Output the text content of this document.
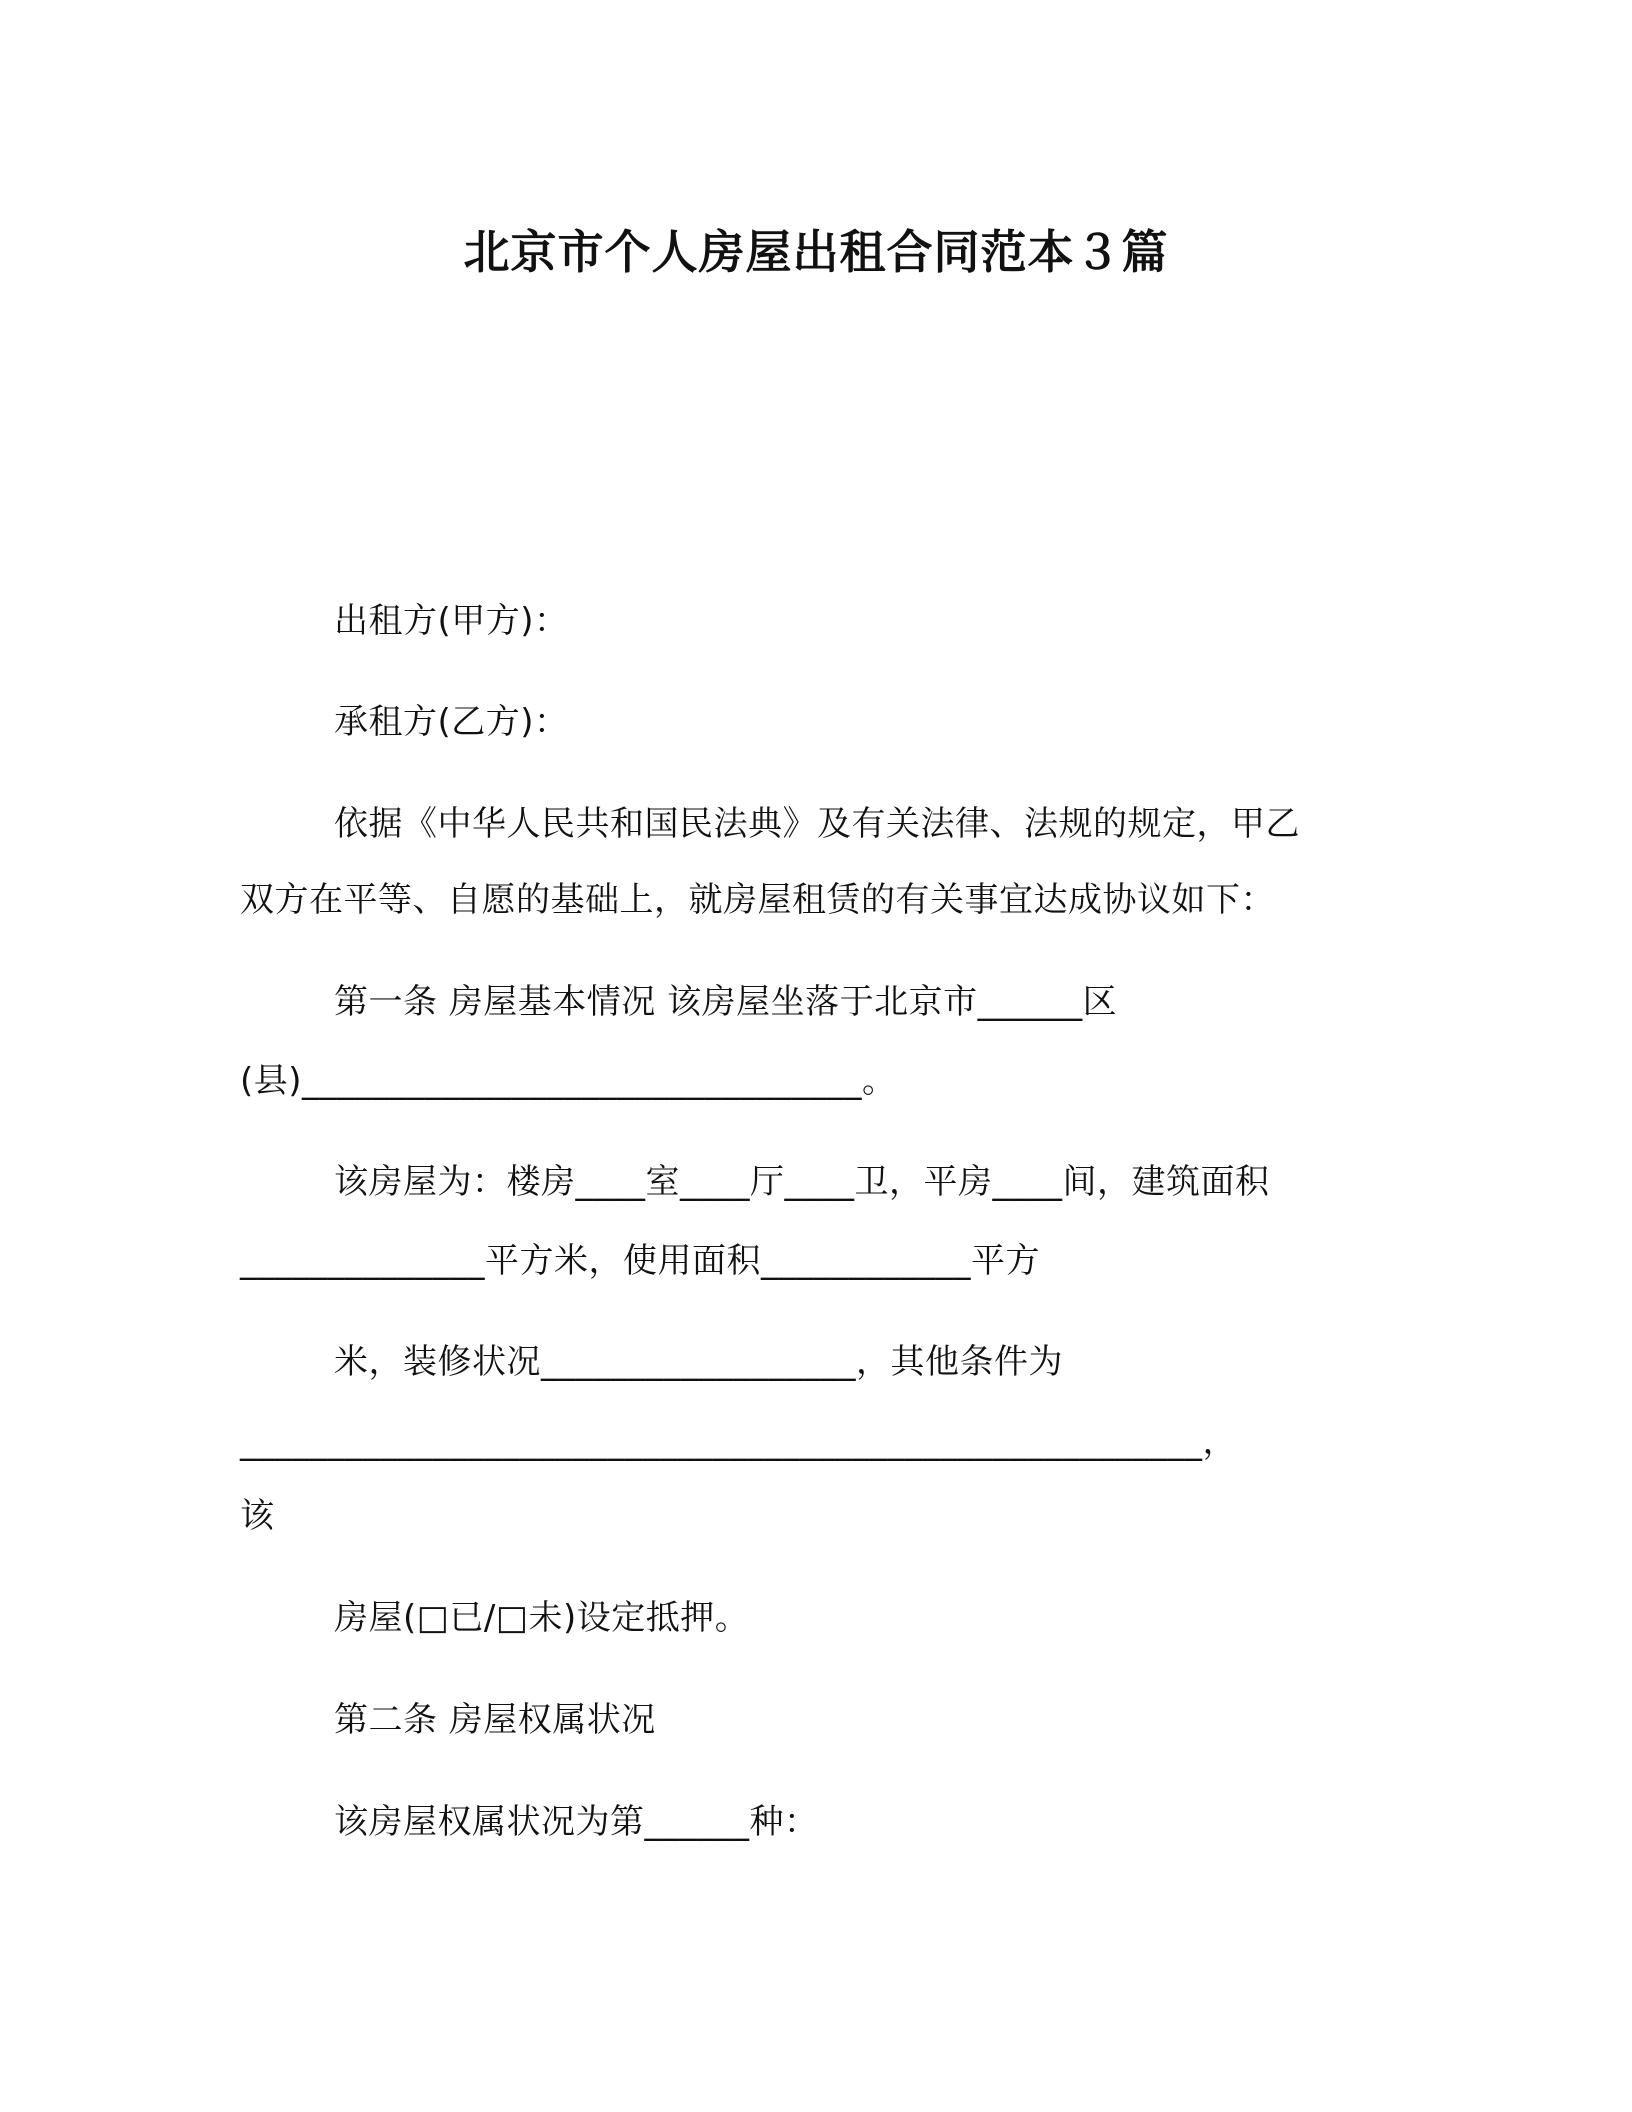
北京市个人房屋出租合同范本３篇
出租方(甲方)：
承租方(乙方)：
依据《中华人民共和国民法典》及有关法律、法规的规定，甲乙
双方在平等、自愿的基础上，就房屋租赁的有关事宜达成协议如下：
第一条 房屋基本情况 该房屋坐落于北京市______区
(县)________________________________。
该房屋为：楼房____室____厅____卫，平房____间，建筑面积
______________平方米，使用面积____________平方
米，装修状况__________________，其他条件为
_______________________________________________________，
该
房屋(□已/□未)设定抵押。
第二条 房屋权属状况
该房屋权属状况为第______种：
